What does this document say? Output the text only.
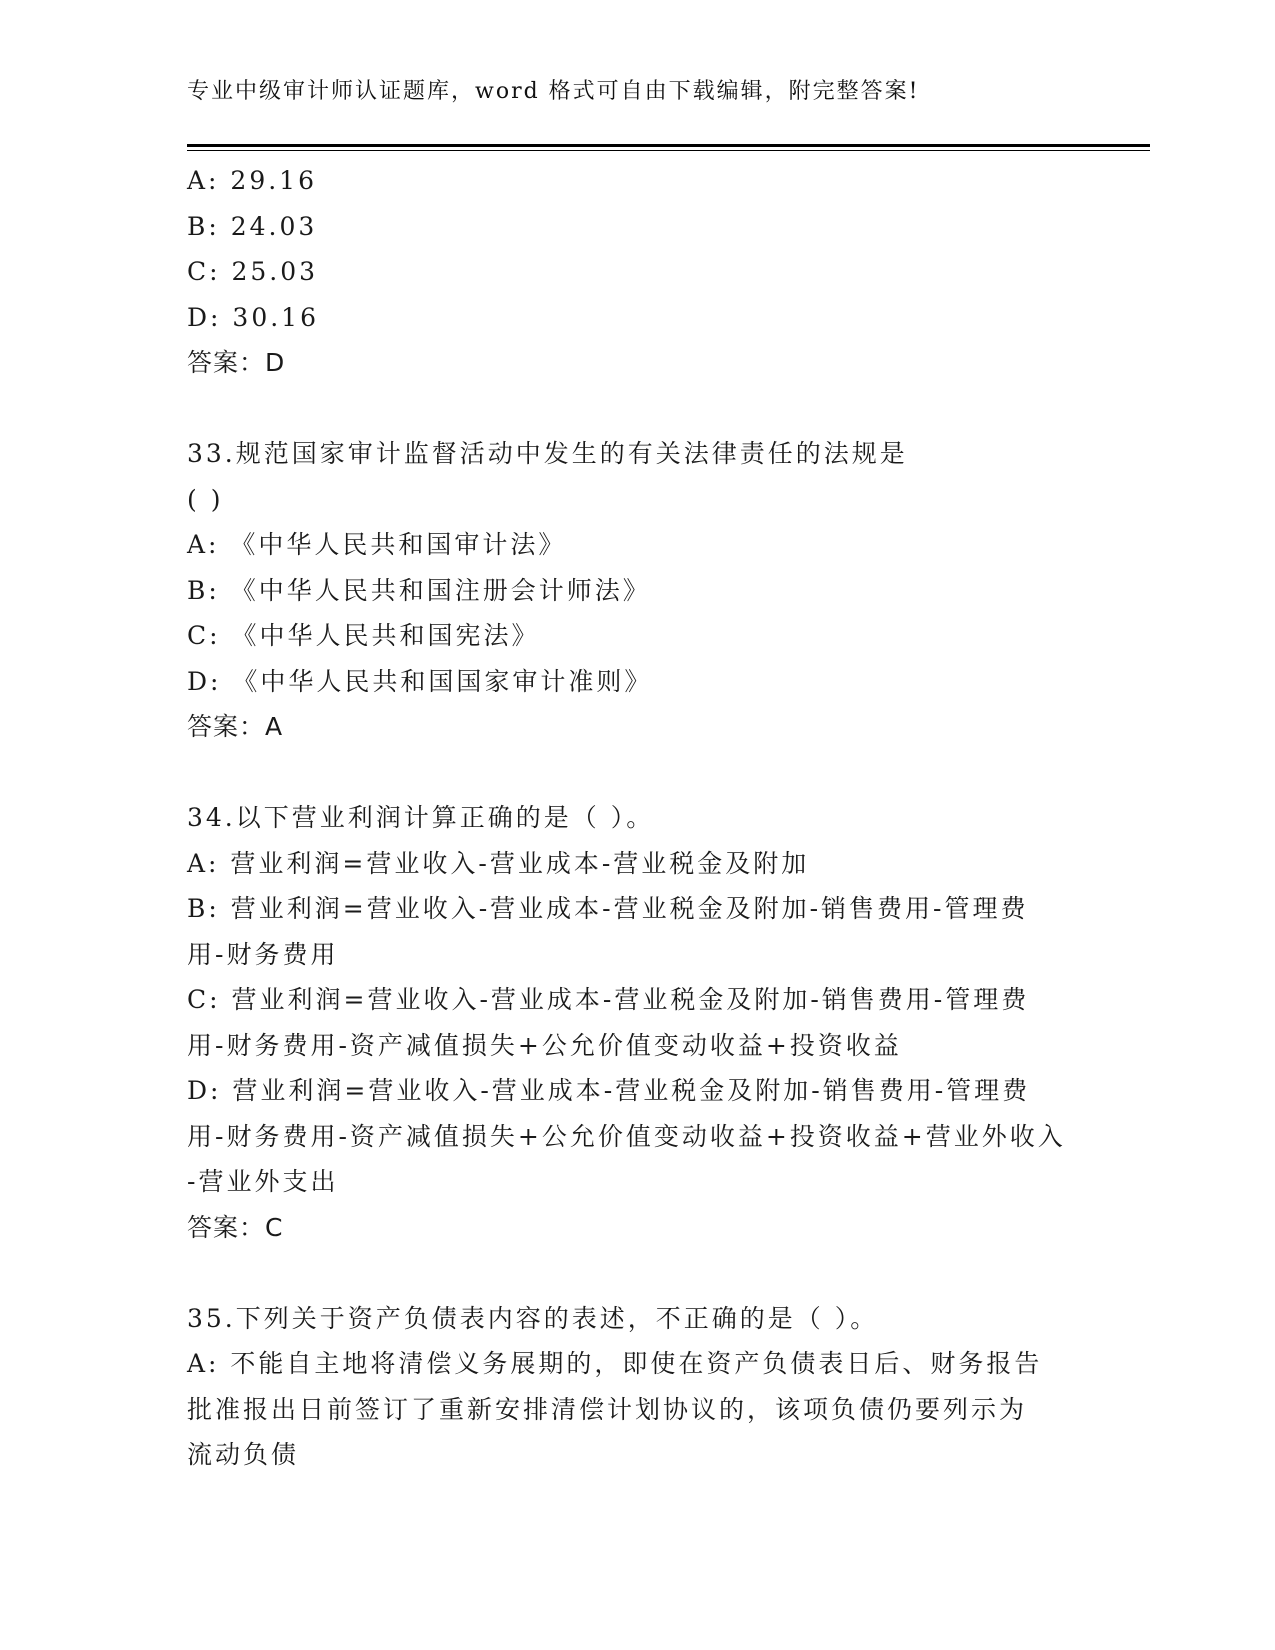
专业中级审计师认证题库，word 格式可自由下载编辑，附完整答案!
A: 29.16
B: 24.03
C: 25.03
D: 30.16
答案：D
33.规范国家审计监督活动中发生的有关法律责任的法规是
( )
A: 《中华人民共和国审计法》
B: 《中华人民共和国注册会计师法》
C: 《中华人民共和国宪法》
D: 《中华人民共和国国家审计准则》
答案：A
34.以下营业利润计算正确的是（ ）。
A: 营业利润=营业收入-营业成本-营业税金及附加
B: 营业利润=营业收入-营业成本-营业税金及附加-销售费用-管理费
用-财务费用
C: 营业利润=营业收入-营业成本-营业税金及附加-销售费用-管理费
用-财务费用-资产减值损失+公允价值变动收益+投资收益
D: 营业利润=营业收入-营业成本-营业税金及附加-销售费用-管理费
用-财务费用-资产减值损失+公允价值变动收益+投资收益+营业外收入
-营业外支出
答案：C
35.下列关于资产负债表内容的表述，不正确的是（ ）。
A: 不能自主地将清偿义务展期的，即使在资产负债表日后、财务报告
批准报出日前签订了重新安排清偿计划协议的，该项负债仍要列示为
流动负债
